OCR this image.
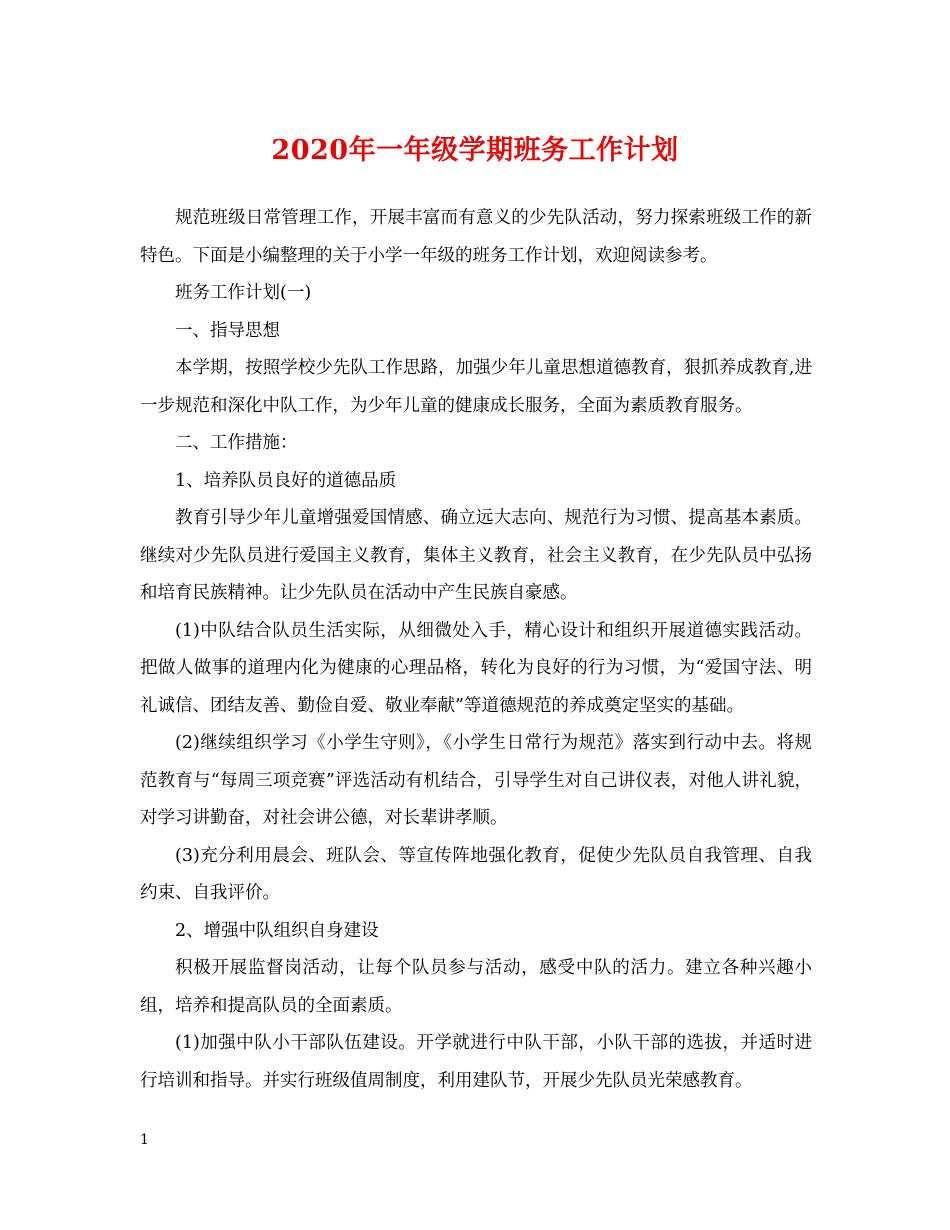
2020年一年级学期班务工作计划

规范班级日常管理工作，开展丰富而有意义的少先队活动，努力探索班级工作的新特色。下面是小编整理的关于小学一年级的班务工作计划，欢迎阅读参考。

班务工作计划(一)

一、指导思想

本学期，按照学校少先队工作思路，加强少年儿童思想道德教育，狠抓养成教育,进一步规范和深化中队工作，为少年儿童的健康成长服务，全面为素质教育服务。

二、工作措施：

1、培养队员良好的道德品质

教育引导少年儿童增强爱国情感、确立远大志向、规范行为习惯、提高基本素质。继续对少先队员进行爱国主义教育，集体主义教育，社会主义教育，在少先队员中弘扬和培育民族精神。让少先队员在活动中产生民族自豪感。

(1)中队结合队员生活实际，从细微处入手，精心设计和组织开展道德实践活动。把做人做事的道理内化为健康的心理品格，转化为良好的行为习惯，为“爱国守法、明礼诚信、团结友善、勤俭自爱、敬业奉献”等道德规范的养成奠定坚实的基础。

(2)继续组织学习《小学生守则》，《小学生日常行为规范》落实到行动中去。将规范教育与“每周三项竞赛”评选活动有机结合，引导学生对自己讲仪表，对他人讲礼貌，对学习讲勤奋，对社会讲公德，对长辈讲孝顺。

(3)充分利用晨会、班队会、等宣传阵地强化教育，促使少先队员自我管理、自我约束、自我评价。

2、增强中队组织自身建设

积极开展监督岗活动，让每个队员参与活动，感受中队的活力。建立各种兴趣小组，培养和提高队员的全面素质。

(1)加强中队小干部队伍建设。开学就进行中队干部，小队干部的选拔，并适时进行培训和指导。并实行班级值周制度，利用建队节，开展少先队员光荣感教育。

1
